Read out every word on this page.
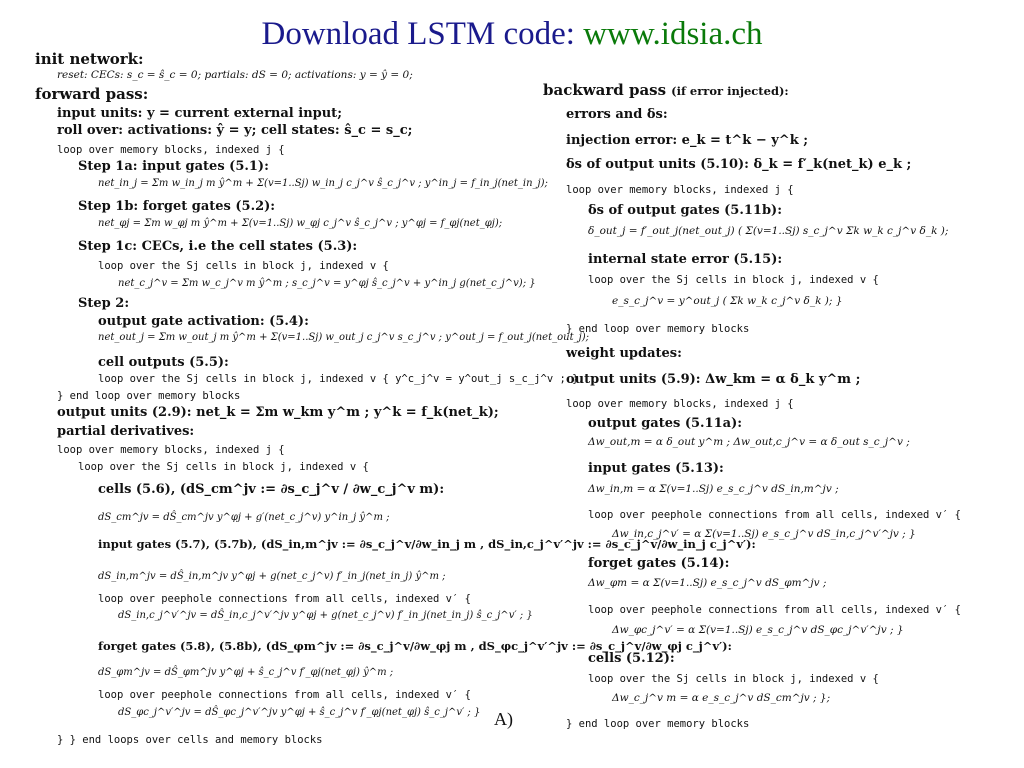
Download LSTM code: www.idsia.ch
init network:
reset: CECs: s_c = ŝ_c = 0; partials: dS = 0; activations: y = ŷ = 0;
forward pass:
input units: y = current external input;
roll over: activations: ŷ = y; cell states: ŝ_c = s_c;
loop over memory blocks, indexed j {
Step 1a: input gates (5.1):
net_in_j = Σm w_in_j m ŷ^m + Σ(v=1..Sj) w_in_j c_j^v ŝ_c_j^v ; y^in_j = f_in_j(net_in_j);
Step 1b: forget gates (5.2):
net_φj = Σm w_φj m ŷ^m + Σ(v=1..Sj) w_φj c_j^v ŝ_c_j^v ; y^φj = f_φj(net_φj);
Step 1c: CECs, i.e the cell states (5.3):
loop over the Sj cells in block j, indexed v {
net_c_j^v = Σm w_c_j^v m ŷ^m ; s_c_j^v = y^φj ŝ_c_j^v + y^in_j g(net_c_j^v); }
Step 2:
output gate activation: (5.4):
net_out_j = Σm w_out_j m ŷ^m + Σ(v=1..Sj) w_out_j c_j^v s_c_j^v ; y^out_j = f_out_j(net_out_j);
cell outputs (5.5):
loop over the Sj cells in block j, indexed v { y^c_j^v = y^out_j s_c_j^v ; }
} end loop over memory blocks
output units (2.9): net_k = Σm w_km y^m ; y^k = f_k(net_k);
partial derivatives:
loop over memory blocks, indexed j {
loop over the Sj cells in block j, indexed v {
cells (5.6), (dS_cm^jv := ∂s_c_j^v / ∂w_c_j^v m):
dS_cm^jv = dŜ_cm^jv y^φj + g′(net_c_j^v) y^in_j ŷ^m ;
input gates (5.7), (5.7b), (dS_in,m^jv := ∂s_c_j^v/∂w_in_j m , dS_in,c_j^v′^jv := ∂s_c_j^v/∂w_in_j c_j^v′):
dS_in,m^jv = dŜ_in,m^jv y^φj + g(net_c_j^v) f′_in_j(net_in_j) ŷ^m ;
loop over peephole connections from all cells, indexed v′ {
dS_in,c_j^v′^jv = dŜ_in,c_j^v′^jv y^φj + g(net_c_j^v) f′_in_j(net_in_j) ŝ_c_j^v′ ; }
forget gates (5.8), (5.8b), (dS_φm^jv := ∂s_c_j^v/∂w_φj m , dS_φc_j^v′^jv := ∂s_c_j^v/∂w_φj c_j^v′):
dS_φm^jv = dŜ_φm^jv y^φj + ŝ_c_j^v f′_φj(net_φj) ŷ^m ;
loop over peephole connections from all cells, indexed v′ {
dS_φc_j^v′^jv = dŜ_φc_j^v′^jv y^φj + ŝ_c_j^v f′_φj(net_φj) ŝ_c_j^v′ ; }
} } end loops over cells and memory blocks
backward pass (if error injected):
errors and δs:
injection error: e_k = t^k − y^k ;
δs of output units (5.10): δ_k = f′_k(net_k) e_k ;
loop over memory blocks, indexed j {
δs of output gates (5.11b):
δ_out_j = f′_out_j(net_out_j) ( Σ(v=1..Sj) s_c_j^v Σk w_k c_j^v δ_k );
internal state error (5.15):
loop over the Sj cells in block j, indexed v {
e_s_c_j^v = y^out_j ( Σk w_k c_j^v δ_k ); }
} end loop over memory blocks
weight updates:
output units (5.9): Δw_km = α δ_k y^m ;
loop over memory blocks, indexed j {
output gates (5.11a):
Δw_out,m = α δ_out y^m ; Δw_out,c_j^v = α δ_out s_c_j^v ;
input gates (5.13):
Δw_in,m = α Σ(v=1..Sj) e_s_c_j^v dS_in,m^jv ;
loop over peephole connections from all cells, indexed v′ {
Δw_in,c_j^v′ = α Σ(v=1..Sj) e_s_c_j^v dS_in,c_j^v′^jv ; }
forget gates (5.14):
Δw_φm = α Σ(v=1..Sj) e_s_c_j^v dS_φm^jv ;
loop over peephole connections from all cells, indexed v′ {
Δw_φc_j^v′ = α Σ(v=1..Sj) e_s_c_j^v dS_φc_j^v′^jv ; }
cells (5.12):
loop over the Sj cells in block j, indexed v {
Δw_c_j^v m = α e_s_c_j^v dS_cm^jv ; };
} end loop over memory blocks
A)
